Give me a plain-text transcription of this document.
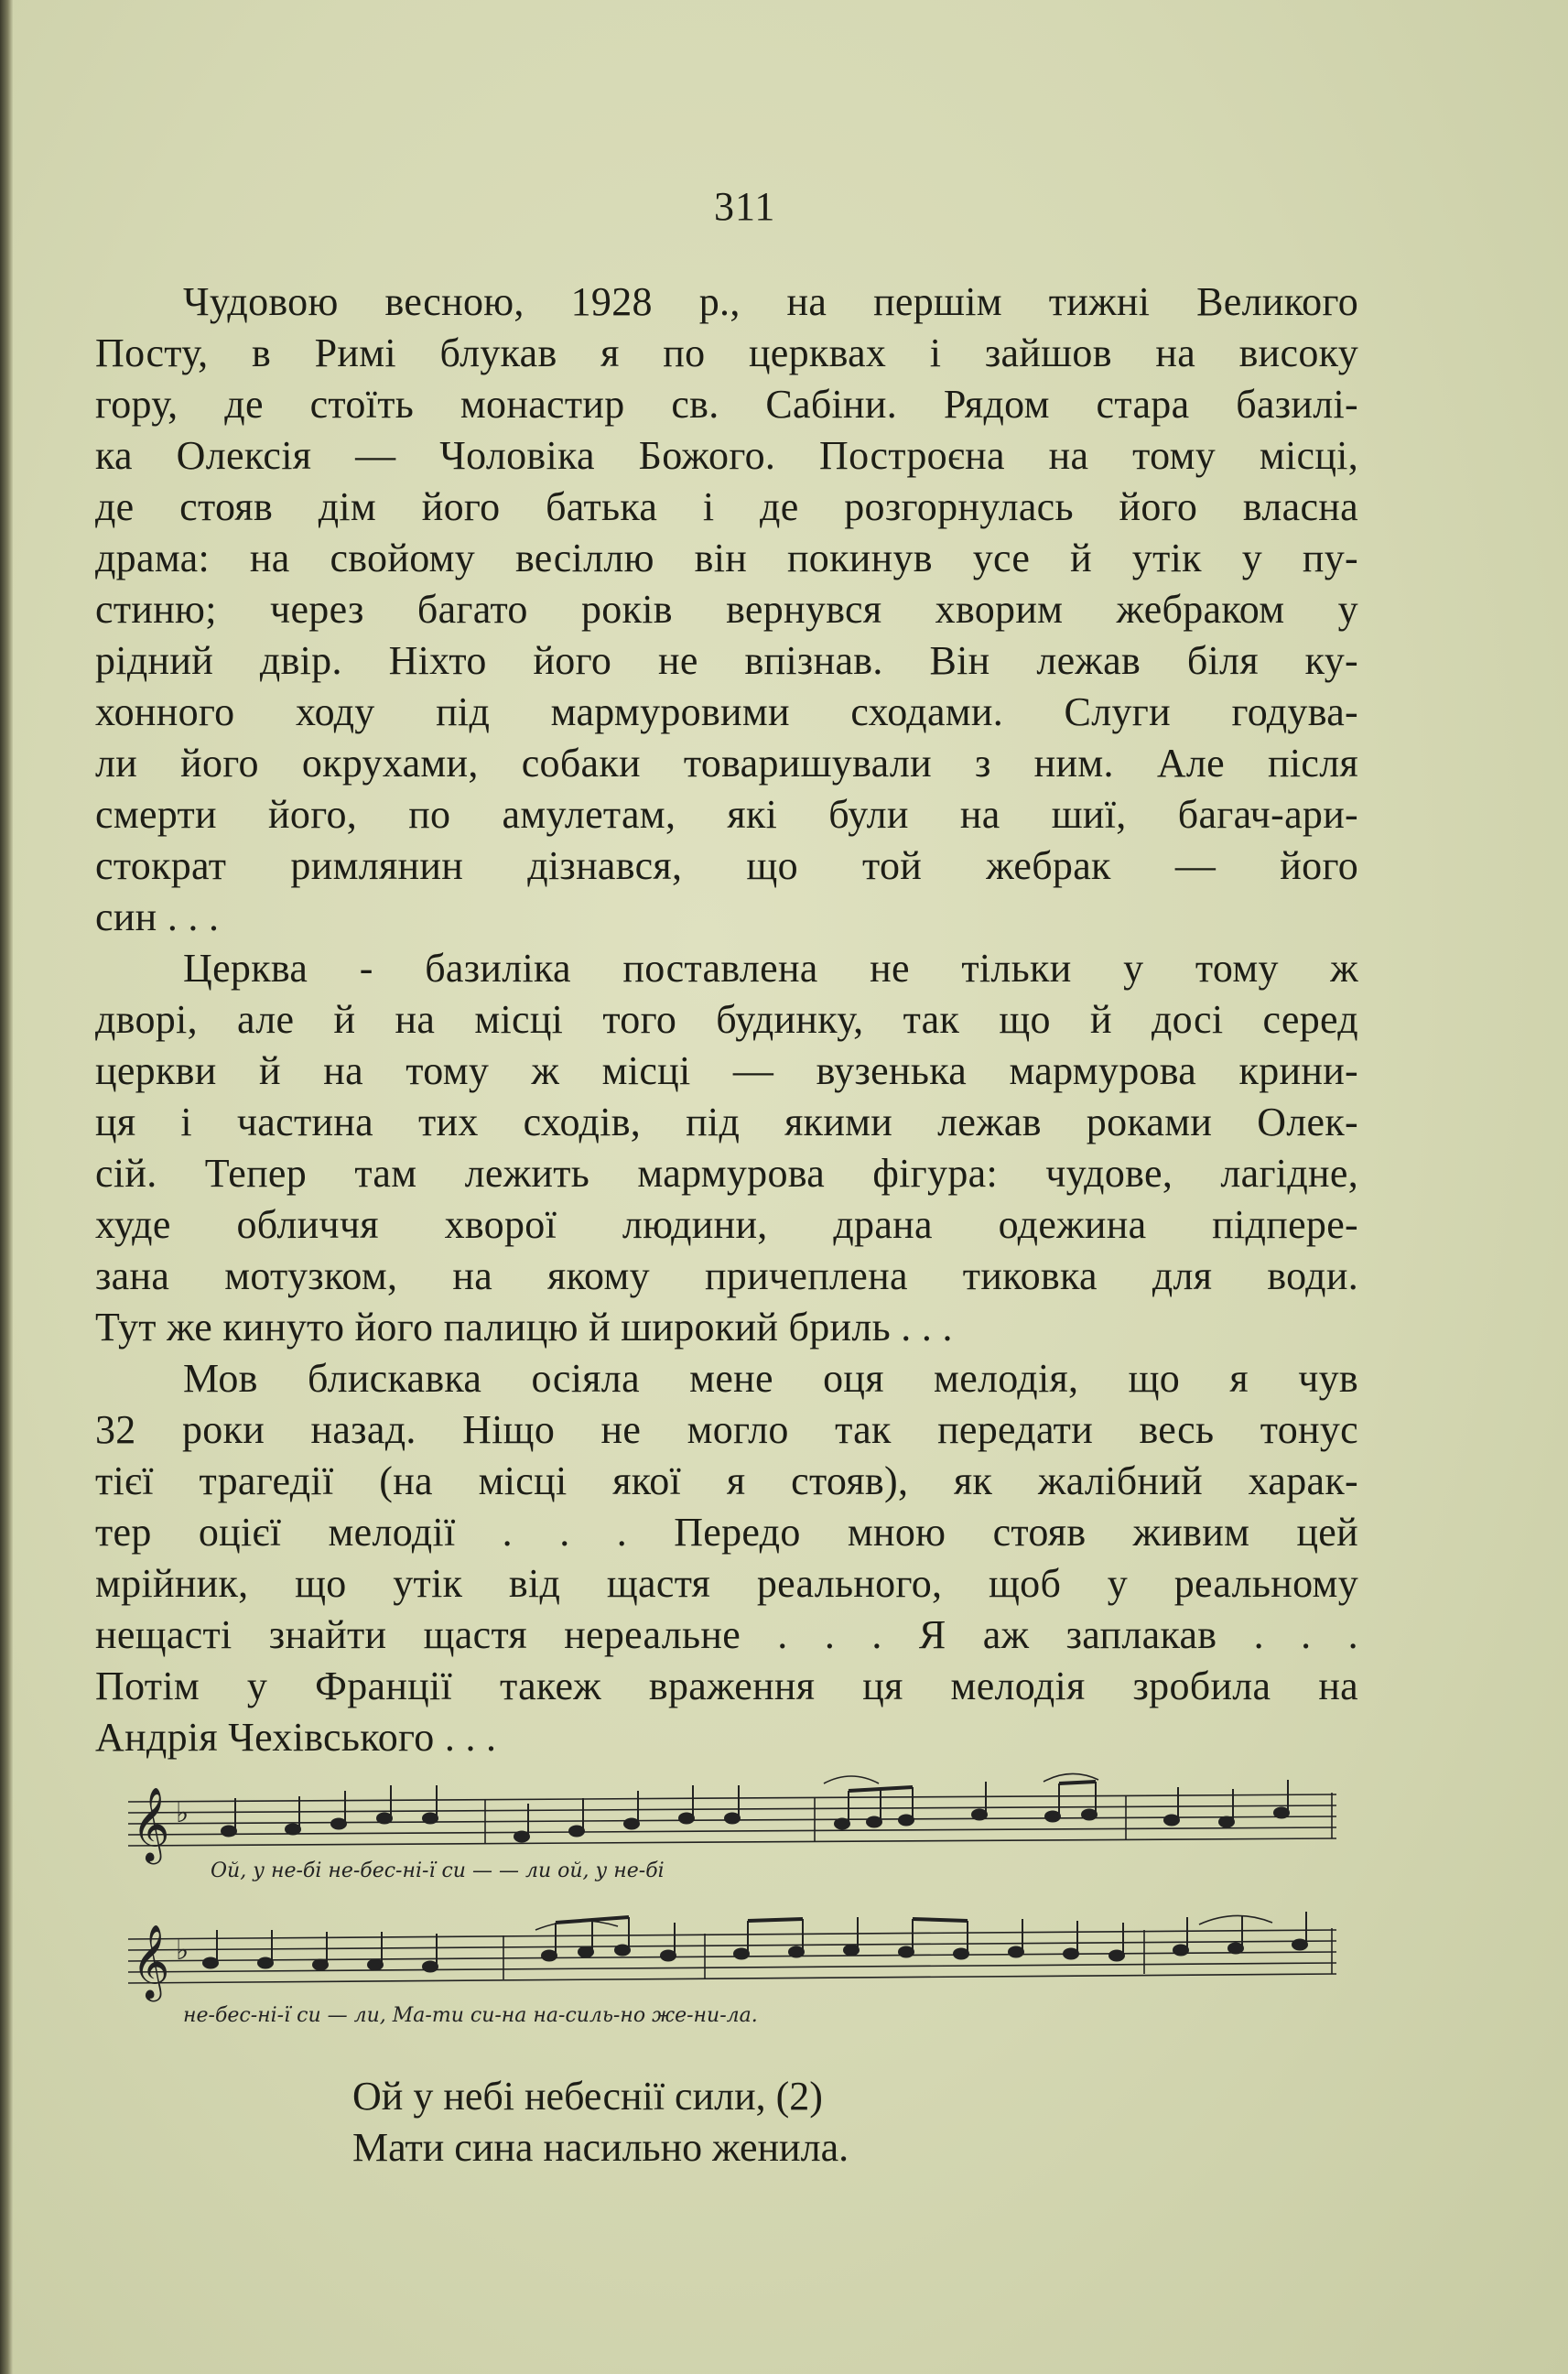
311
Чудовою весною, 1928 р., на першім тижні Великого
Посту, в Римі блукав я по церквах і зайшов на високу
гору, де стоїть монастир св. Сабіни. Рядом стара базилі-
ка Олексія — Чоловіка Божого. Построєна на тому місці,
де стояв дім його батька і де розгорнулась його власна
драма: на свойому весіллю він покинув усе й утік у пу-
стиню; через багато років вернувся хворим жебраком у
рідний двір. Ніхто його не впізнав. Він лежав біля ку-
хонного ходу під мармуровими сходами. Слуги годува-
ли його окрухами, собаки товаришували з ним. Але після
смерти його, по амулетам, які були на шиї, багач-ари-
стократ римлянин дізнався, що той жебрак — його
син . . .
Церква - базиліка поставлена не тільки у тому ж
дворі, але й на місці того будинку, так що й досі серед
церкви й на тому ж місці — вузенька мармурова крини-
ця і частина тих сходів, під якими лежав роками Олек-
сій. Тепер там лежить мармурова фігура: чудове, лагідне,
худе обличчя хворої людини, драна одежина підпере-
зана мотузком, на якому причеплена тиковка для води.
Тут же кинуто його палицю й широкий бриль . . .
Мов блискавка осіяла мене оця мелодія, що я чув
32 роки назад. Ніщо не могло так передати весь тонус
тієї трагедії (на місці якої я стояв), як жалібний харак-
тер оцієї мелодії . . . Передо мною стояв живим цей
мрійник, що утік від щастя реального, щоб у реальному
нещасті знайти щастя нереальне . . . Я аж заплакав . . .
Потім у Франції такеж враження ця мелодія зробила на
Андрія Чехівського . . .
𝄞
𝄞
♭
♭
Ой, у не-бі не-бес-ні-ї си — — ли ой, у не-бі
не-бес-ні-ї си — ли, Ма-ти си-на на-силь-но же-ни-ла.
Ой у небі небеснії сили, (2)
Мати сина насильно женила.
